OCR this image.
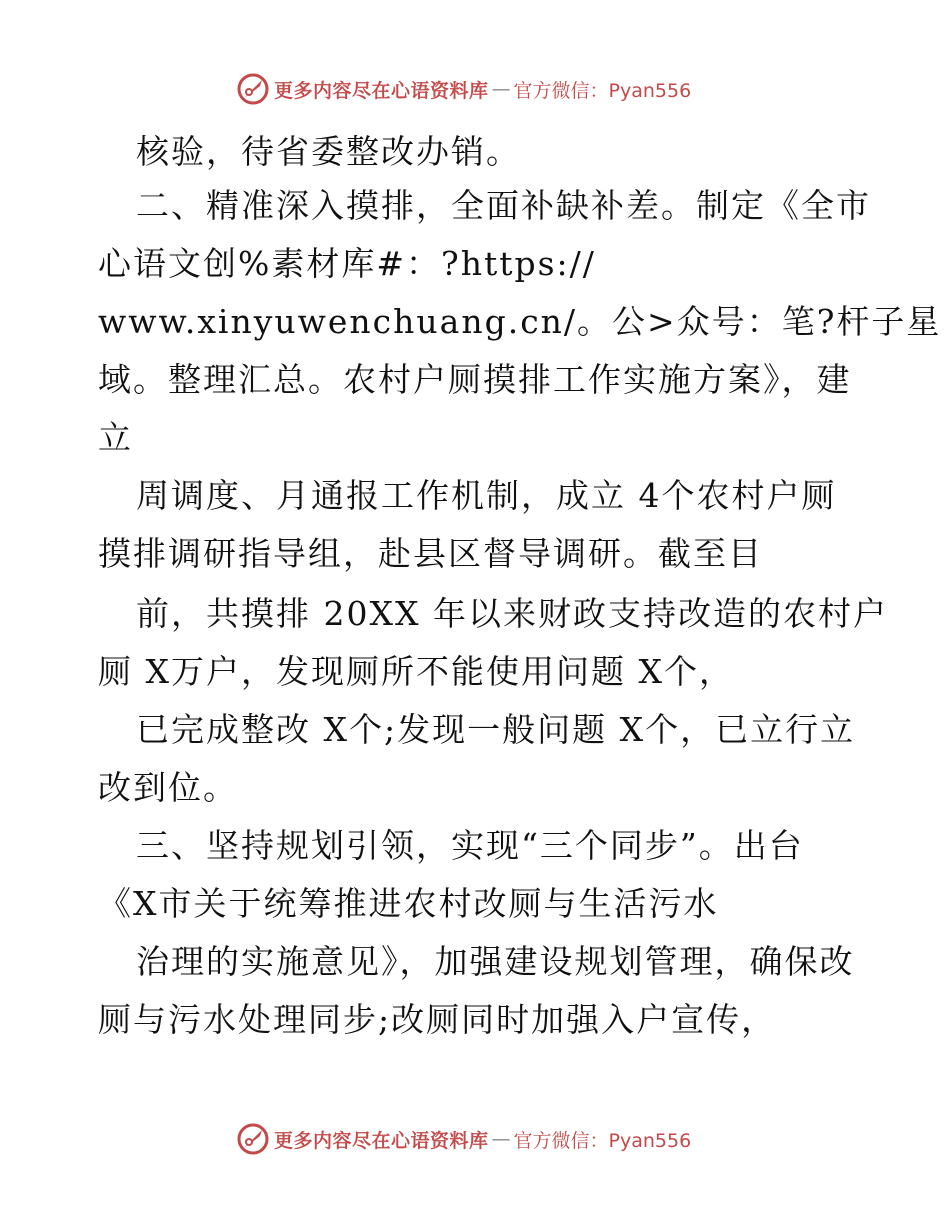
更多内容尽在心语资料库 — 官方微信：Pyan556
核验，待省委整改办销。
二、精准深入摸排，全面补缺补差。制定《全市
心语文创%素材库#：?https://
www.xinyuwenchuang.cn/。公>众号：笔?杆子星
域。整理汇总。农村户厕摸排工作实施方案》，建
立
周调度、月通报工作机制，成立 4个农村户厕
摸排调研指导组，赴县区督导调研。截至目
前，共摸排 20XX 年以来财政支持改造的农村户
厕 X万户，发现厕所不能使用问题 X个，
已完成整改 X个;发现一般问题 X个，已立行立
改到位。
三、坚持规划引领，实现“三个同步”。出台
《X市关于统筹推进农村改厕与生活污水
治理的实施意见》，加强建设规划管理，确保改
厕与污水处理同步;改厕同时加强入户宣传，
更多内容尽在心语资料库 — 官方微信：Pyan556
